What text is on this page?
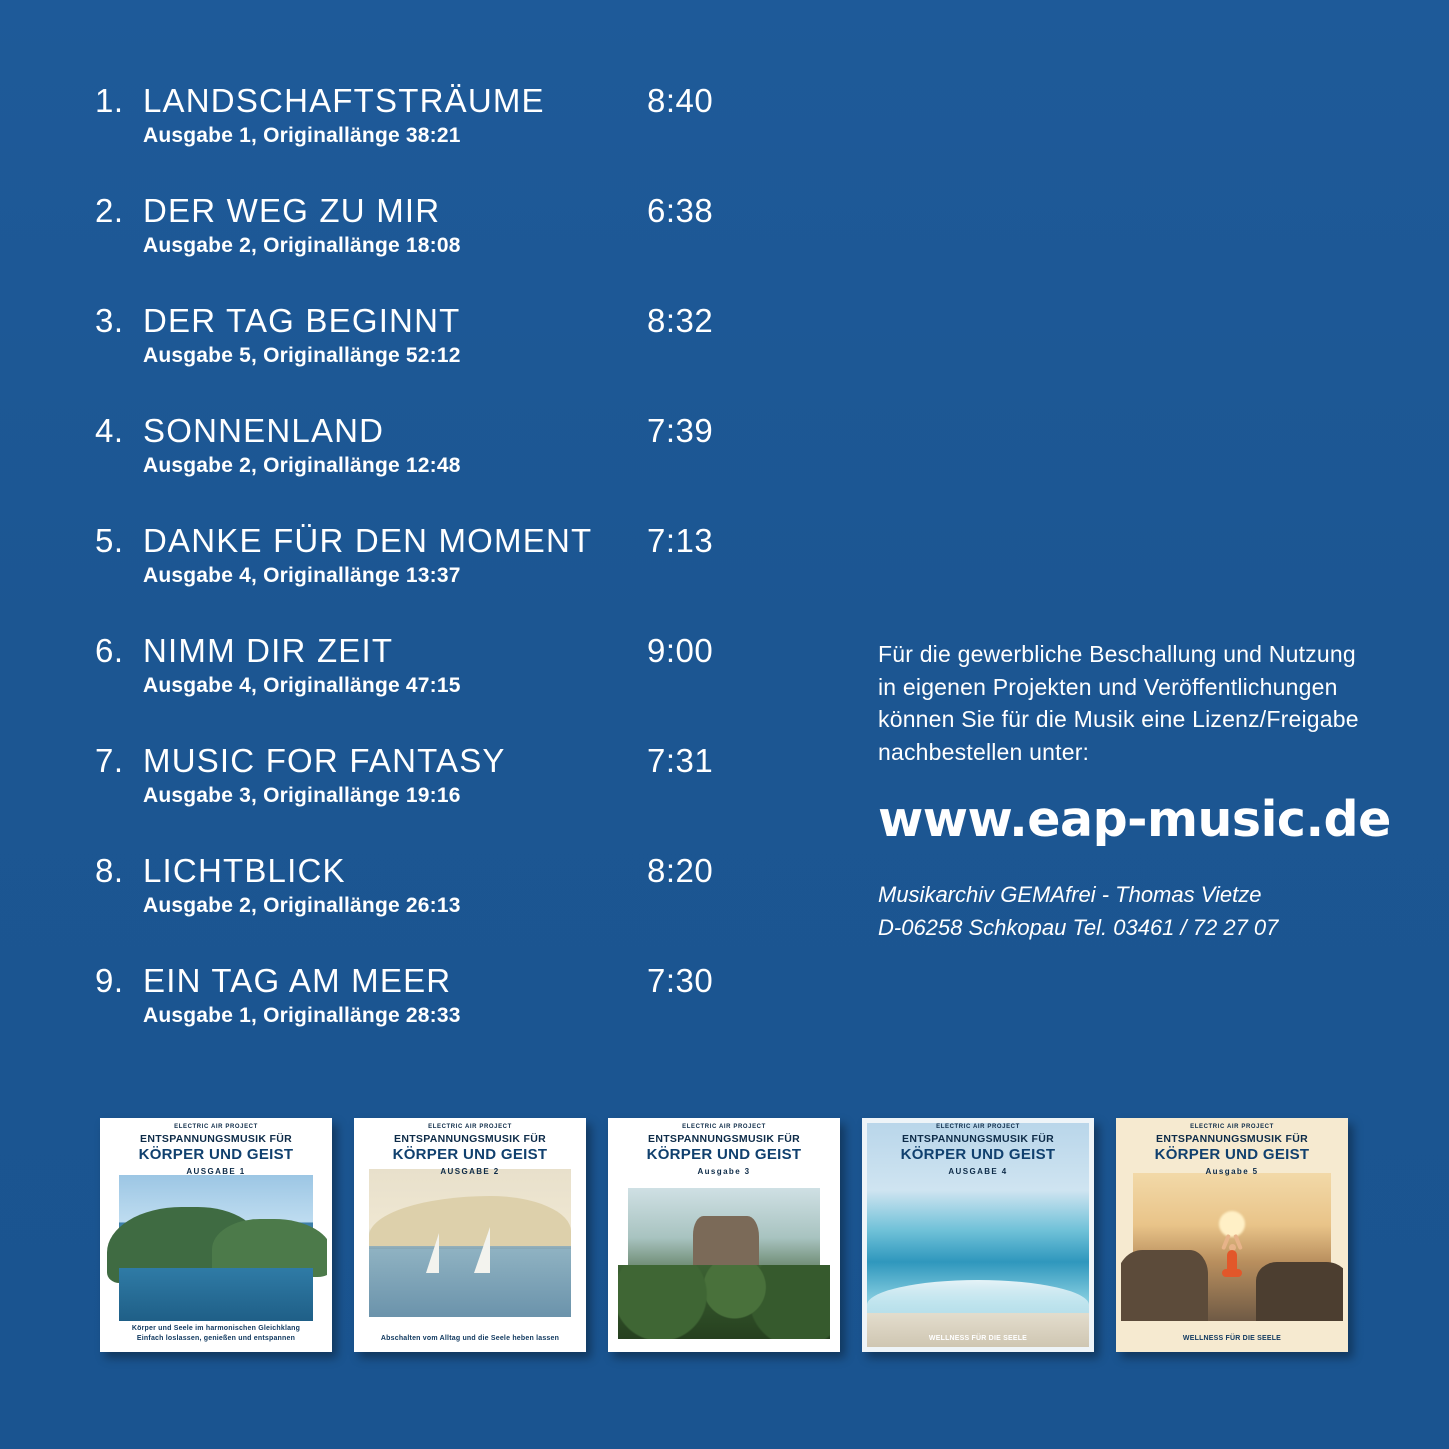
1. LANDSCHAFTSTRÄUME	8:40
Ausgabe 1, Originallänge 38:21
2. DER WEG ZU MIR	6:38
Ausgabe 2, Originallänge 18:08
3. DER TAG BEGINNT	8:32
Ausgabe 5, Originallänge 52:12
4. SONNENLAND	7:39
Ausgabe 2, Originallänge 12:48
5. DANKE FÜR DEN MOMENT 7:13
Ausgabe 4, Originallänge 13:37
6. NIMM DIR ZEIT	9:00
Ausgabe 4, Originallänge 47:15
7. MUSIC FOR FANTASY	7:31
Ausgabe 3, Originallänge 19:16
8. LICHTBLICK	8:20
Ausgabe 2, Originallänge 26:13
9. EIN TAG AM MEER	7:30
Ausgabe 1, Originallänge 28:33
Für die gewerbliche Beschallung und Nutzung
in eigenen Projekten und Veröffentlichungen
können Sie für die Musik eine Lizenz/Freigabe
nachbestellen unter:
www.eap-music.de
Musikarchiv GEMAfrei - Thomas Vietze
D-06258 Schkopau Tel. 03461 / 72 27 07
ELECTRIC AIR PROJECT
ENTSPANNUNGSMUSIK FÜR
KÖRPER UND GEIST
AUSGABE 1
Körper und Seele im harmonischen Gleichklang
Einfach loslassen, genießen und entspannen
ELECTRIC AIR PROJECT
ENTSPANNUNGSMUSIK FÜR
KÖRPER UND GEIST
AUSGABE 2
Abschalten vom Alltag und die Seele heben lassen
ELECTRIC AIR PROJECT
ENTSPANNUNGSMUSIK FÜR
KÖRPER UND GEIST
Ausgabe 3
ELECTRIC AIR PROJECT
ENTSPANNUNGSMUSIK FÜR
KÖRPER UND GEIST
AUSGABE 4
WELLNESS FÜR DIE SEELE
ELECTRIC AIR PROJECT
ENTSPANNUNGSMUSIK FÜR
KÖRPER UND GEIST
Ausgabe 5
WELLNESS FÜR DIE SEELE
